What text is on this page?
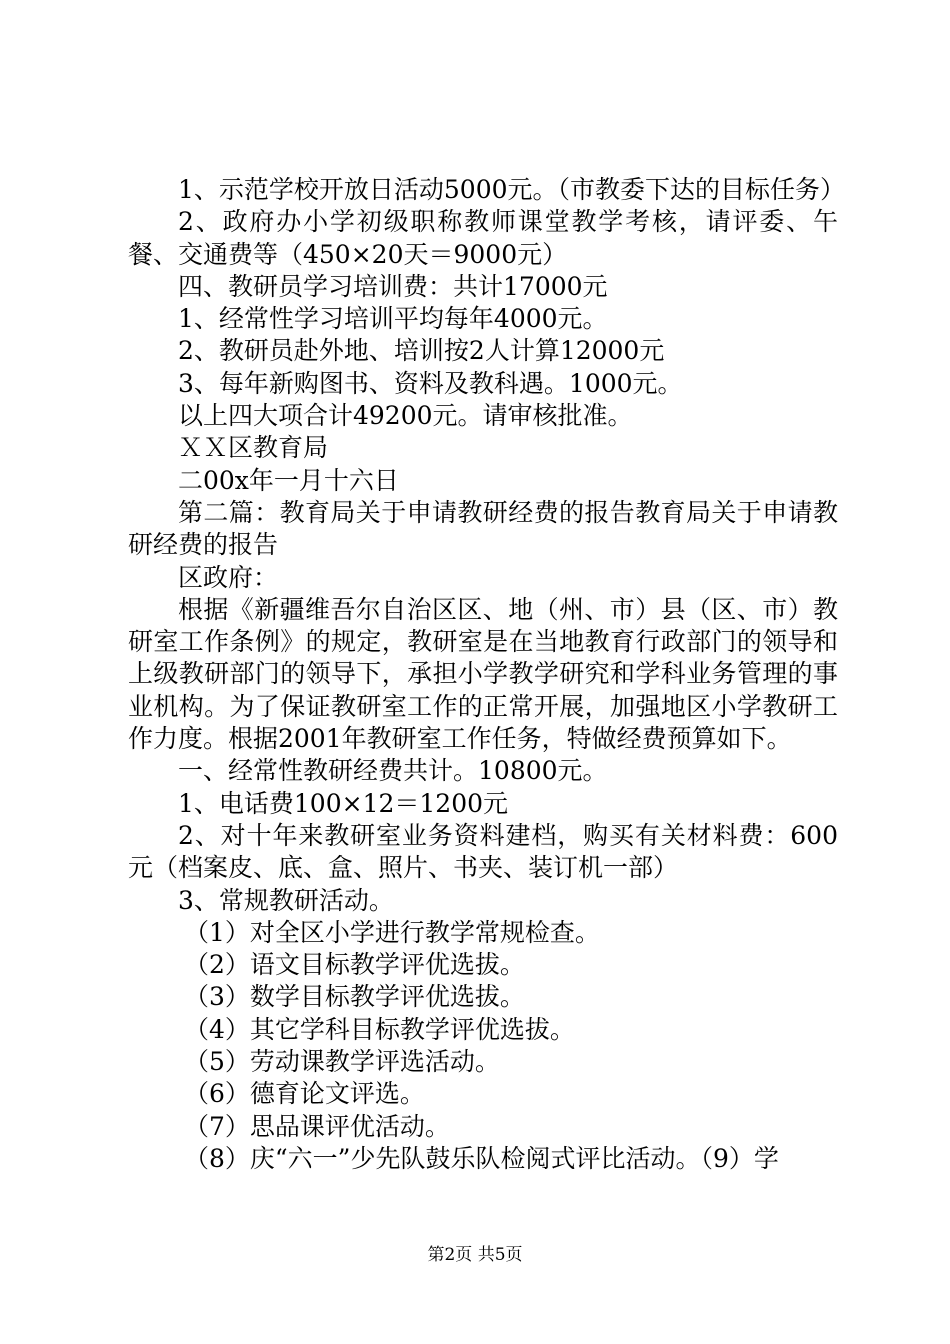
1、示范学校开放日活动5000元。（市教委下达的目标任务）

2、政府办小学初级职称教师课堂教学考核，请评委、午餐、交通费等（450×20天＝9000元）

四、教研员学习培训费：共计17000元

1、经常性学习培训平均每年4000元。

2、教研员赴外地、培训按2人计算12000元

3、每年新购图书、资料及教科遇。1000元。

以上四大项合计49200元。请审核批准。

ＸＸ区教育局

二00x年一月十六日

第二篇：教育局关于申请教研经费的报告教育局关于申请教研经费的报告

区政府：

根据《新疆维吾尔自治区区、地（州、市）县（区、市）教研室工作条例》的规定，教研室是在当地教育行政部门的领导和上级教研部门的领导下，承担小学教学研究和学科业务管理的事业机构。为了保证教研室工作的正常开展，加强地区小学教研工作力度。根据2001年教研室工作任务，特做经费预算如下。

一、经常性教研经费共计。10800元。

1、电话费100×12＝1200元

2、对十年来教研室业务资料建档，购买有关材料费：600元（档案皮、底、盒、照片、书夹、装订机一部）

3、常规教研活动。

（1）对全区小学进行教学常规检查。

（2）语文目标教学评优选拔。

（3）数学目标教学评优选拔。

（4）其它学科目标教学评优选拔。

（5）劳动课教学评选活动。

（6）德育论文评选。

（7）思品课评优活动。

（8）庆“六一”少先队鼓乐队检阅式评比活动。（9）学

第2页 共5页
